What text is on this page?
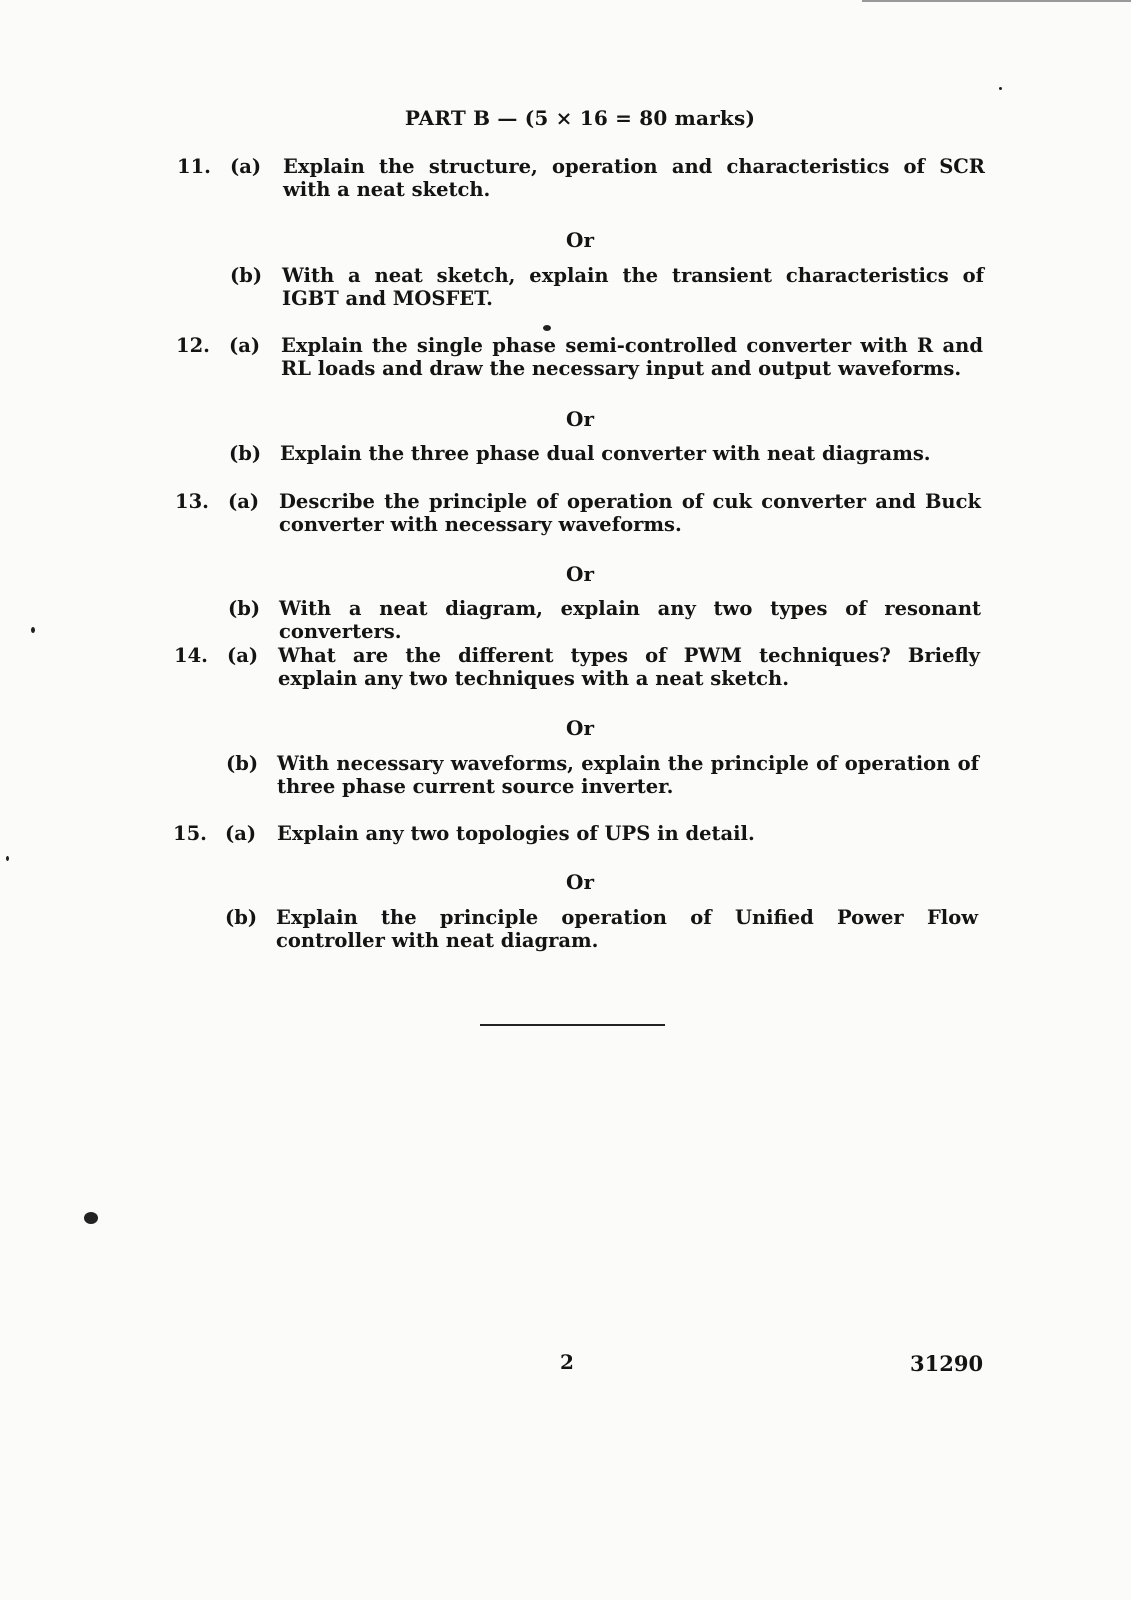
PART B — (5 × 16 = 80 marks)
11. (a)	Explain the structure, operation and characteristics of SCR with a neat sketch.
Or
(b)	With a neat sketch, explain the transient characteristics of IGBT and MOSFET.
12. (a)	Explain the single phase semi-controlled converter with R and RL loads and draw the necessary input and output waveforms.
Or
(b) Explain the three phase dual converter with neat diagrams.
13. (a)	Describe the principle of operation of cuk converter and Buck converter with necessary waveforms.
Or
(b) With a neat diagram, explain any two types of resonant converters.
14. (a)	What are the different types of PWM techniques? Briefly explain any two techniques with a neat sketch.
Or
(b) With necessary waveforms, explain the principle of operation of three phase current source inverter.
15. (a)	Explain any two topologies of UPS in detail.
Or
(b) Explain the principle operation of Unified Power Flow controller with neat diagram.
2	31290
